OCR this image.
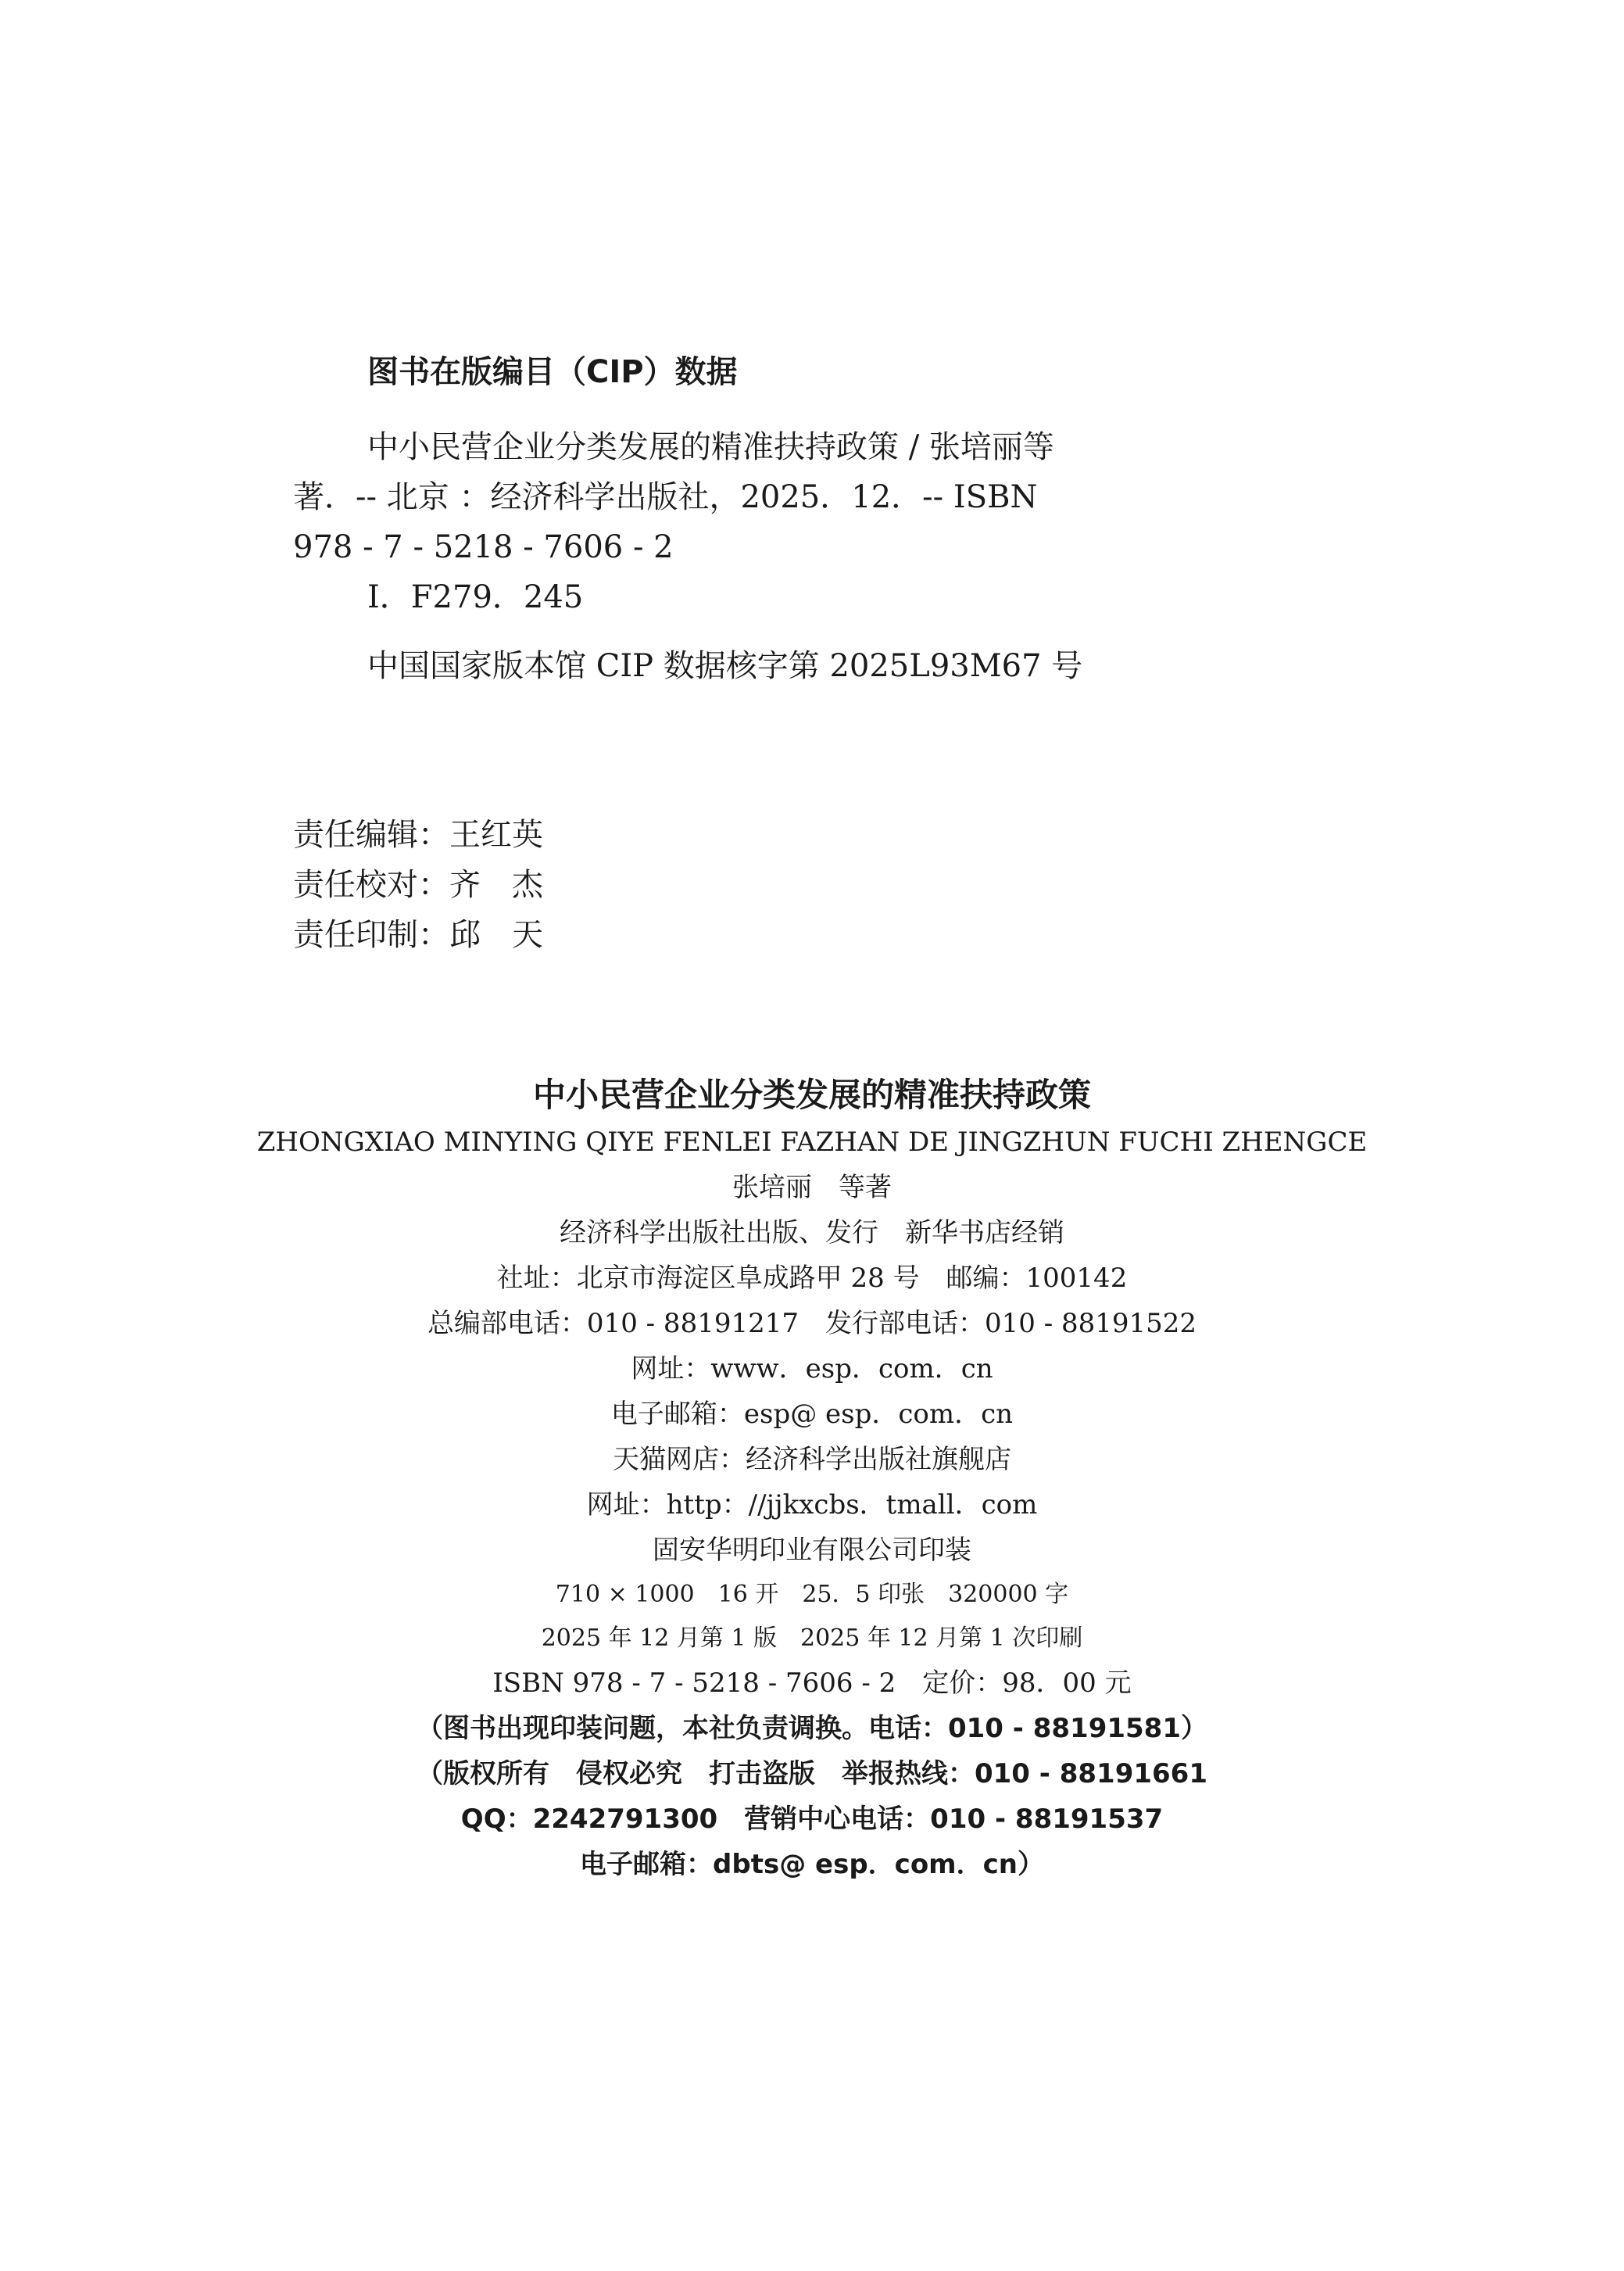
图书在版编目（CIP）数据
中小民营企业分类发展的精准扶持政策 / 张培丽等
著．-- 北京 ：经济科学出版社，2025．12．-- ISBN
978 - 7 - 5218 - 7606 - 2
Ⅰ．F279．245
中国国家版本馆 CIP 数据核字第 2025L93M67 号
责任编辑：王红英
责任校对：齐　杰
责任印制：邱　天
中小民营企业分类发展的精准扶持政策
ZHONGXIAO MINYING QIYE FENLEI FAZHAN DE JINGZHUN FUCHI ZHENGCE
张培丽　等著
经济科学出版社出版、发行　新华书店经销
社址：北京市海淀区阜成路甲 28 号　邮编：100142
总编部电话：010 - 88191217　发行部电话：010 - 88191522
网址：www．esp．com．cn
电子邮箱：esp@ esp．com．cn
天猫网店：经济科学出版社旗舰店
网址：http：//jjkxcbs．tmall．com
固安华明印业有限公司印装
710 × 1000　16 开　25．5 印张　320000 字
2025 年 12 月第 1 版　2025 年 12 月第 1 次印刷
ISBN 978 - 7 - 5218 - 7606 - 2　定价：98．00 元
（图书出现印装问题，本社负责调换。电话：010 - 88191581）
（版权所有　侵权必究　打击盗版　举报热线：010 - 88191661
QQ：2242791300　营销中心电话：010 - 88191537
电子邮箱：dbts@ esp．com．cn）
